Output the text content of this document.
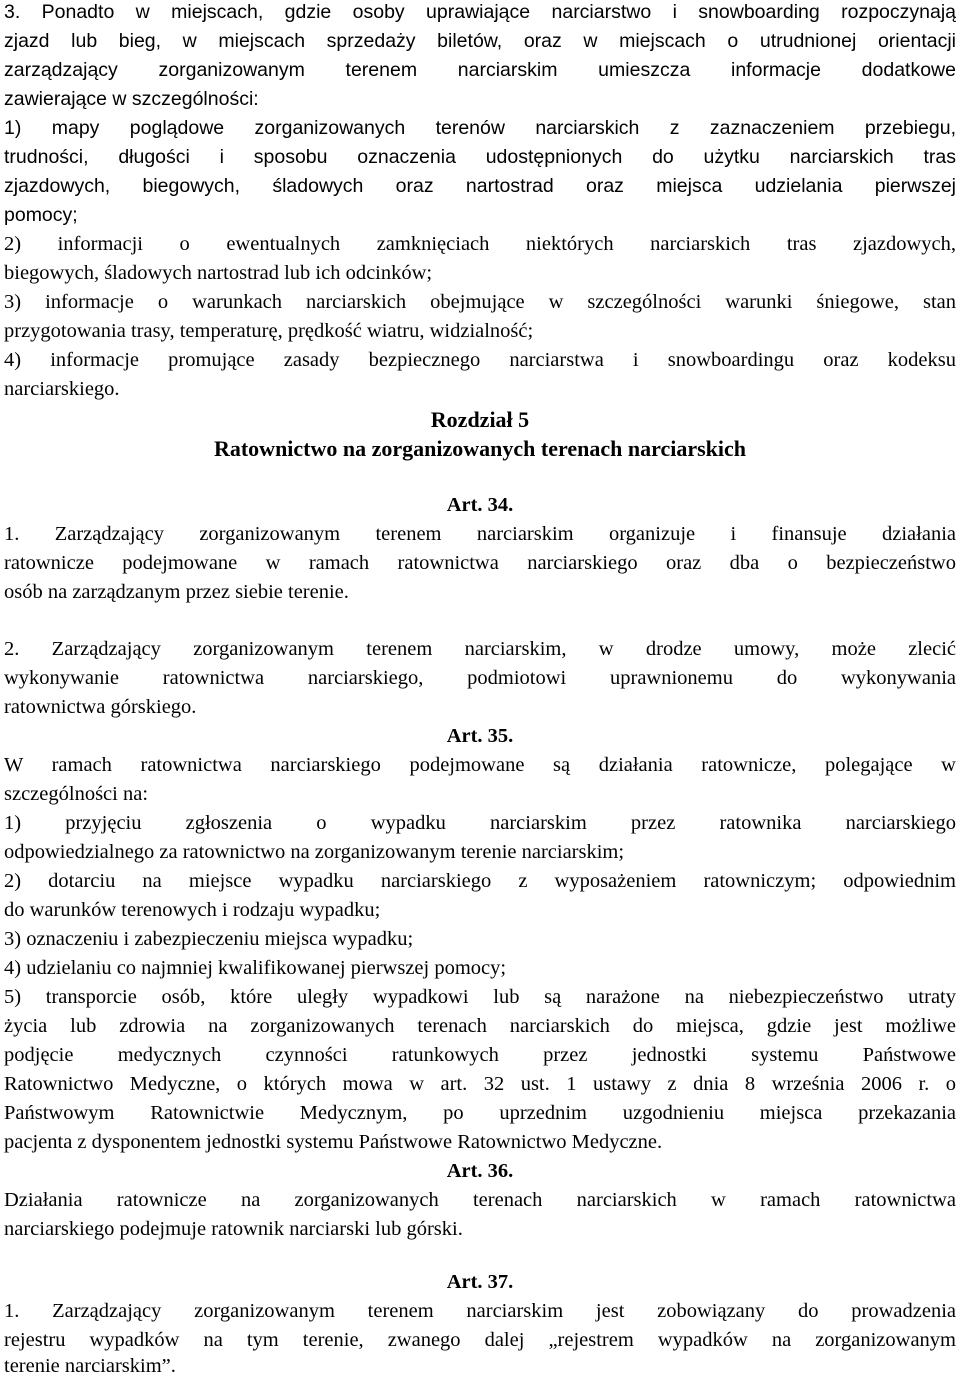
3. Ponadto w miejscach, gdzie osoby uprawiające narciarstwo i snowboarding rozpoczynają
zjazd lub bieg, w miejscach sprzedaży biletów, oraz w miejscach o utrudnionej orientacji
zarządzający zorganizowanym terenem narciarskim umieszcza informacje dodatkowe
zawierające w szczególności:
1) mapy poglądowe zorganizowanych terenów narciarskich z zaznaczeniem przebiegu,
trudności, długości i sposobu oznaczenia udostępnionych do użytku narciarskich tras
zjazdowych, biegowych, śladowych oraz nartostrad oraz miejsca udzielania pierwszej
pomocy;
2) informacji o ewentualnych zamknięciach niektórych narciarskich tras zjazdowych,
biegowych, śladowych nartostrad lub ich odcinków;
3) informacje o warunkach narciarskich obejmujące w szczególności warunki śniegowe, stan
przygotowania trasy, temperaturę, prędkość wiatru, widzialność;
4) informacje promujące zasady bezpiecznego narciarstwa i snowboardingu oraz kodeksu
narciarskiego.
Rozdział 5
Ratownictwo na zorganizowanych terenach narciarskich
Art. 34.
1. Zarządzający zorganizowanym terenem narciarskim organizuje i finansuje działania
ratownicze podejmowane w ramach ratownictwa narciarskiego oraz dba o bezpieczeństwo
osób na zarządzanym przez siebie terenie.
2. Zarządzający zorganizowanym terenem narciarskim, w drodze umowy, może zlecić
wykonywanie ratownictwa narciarskiego, podmiotowi uprawnionemu do wykonywania
ratownictwa górskiego.
Art. 35.
W ramach ratownictwa narciarskiego podejmowane są działania ratownicze, polegające w
szczególności na:
1) przyjęciu zgłoszenia o wypadku narciarskim przez ratownika narciarskiego
odpowiedzialnego za ratownictwo na zorganizowanym terenie narciarskim;
2) dotarciu na miejsce wypadku narciarskiego z wyposażeniem ratowniczym; odpowiednim
do warunków terenowych i rodzaju wypadku;
3) oznaczeniu i zabezpieczeniu miejsca wypadku;
4) udzielaniu co najmniej kwalifikowanej pierwszej pomocy;
5) transporcie osób, które uległy wypadkowi lub są narażone na niebezpieczeństwo utraty
życia lub zdrowia na zorganizowanych terenach narciarskich do miejsca, gdzie jest możliwe
podjęcie medycznych czynności ratunkowych przez jednostki systemu Państwowe
Ratownictwo Medyczne, o których mowa w art. 32 ust. 1 ustawy z dnia 8 września 2006 r. o
Państwowym Ratownictwie Medycznym, po uprzednim uzgodnieniu miejsca przekazania
pacjenta z dysponentem jednostki systemu Państwowe Ratownictwo Medyczne.
Art. 36.
Działania ratownicze na zorganizowanych terenach narciarskich w ramach ratownictwa
narciarskiego podejmuje ratownik narciarski lub górski.
Art. 37.
1. Zarządzający zorganizowanym terenem narciarskim jest zobowiązany do prowadzenia
rejestru wypadków na tym terenie, zwanego dalej „rejestrem wypadków na zorganizowanym
terenie narciarskim”.
